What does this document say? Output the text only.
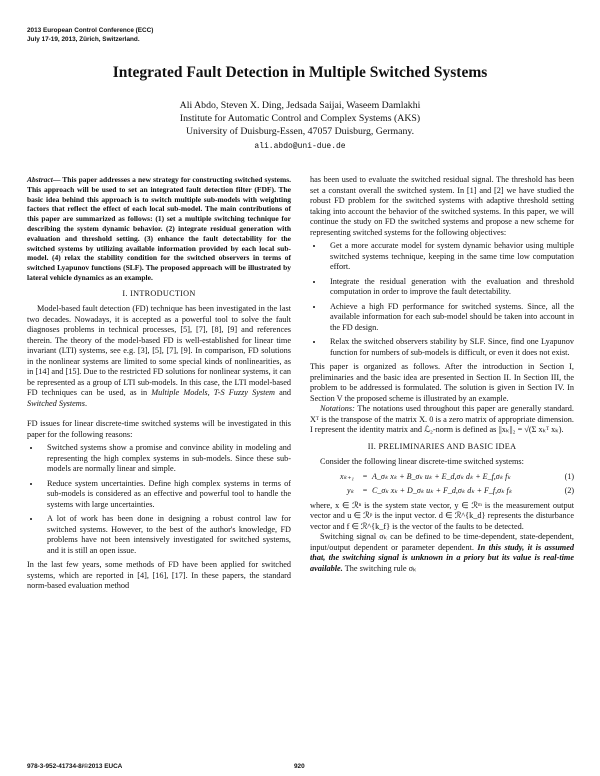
2013 European Control Conference (ECC)
July 17-19, 2013, Zürich, Switzerland.
Integrated Fault Detection in Multiple Switched Systems
Ali Abdo, Steven X. Ding, Jedsada Saijai, Waseem Damlakhi
Institute for Automatic Control and Complex Systems (AKS)
University of Duisburg-Essen, 47057 Duisburg, Germany.
ali.abdo@uni-due.de
Abstract— This paper addresses a new strategy for constructing switched systems. This approach will be used to set an integrated fault detection filter (FDF). The basic idea behind this approach is to switch multiple sub-models with weighting factors that reflect the effect of each local sub-model. The main contributions of this paper are summarized as follows: (1) set a multiple switching technique for describing the system dynamic behavior. (2) integrate residual generation with evaluation and threshold setting. (3) enhance the fault detectability for the switched systems by utilizing available information provided by each local sub-model. (4) relax the stability condition for the switched observers in terms of switched Lyapunov functions (SLF). The proposed approach will be illustrated by lateral vehicle dynamics as an example.
I. INTRODUCTION

Model-based fault detection (FD) technique has been investigated in the last two decades. Nowadays, it is accepted as a powerful tool to solve the fault diagnoses problems in technical processes, [5], [7], [8], [9] and references therein. The theory of the model-based FD is well-established for linear time invariant (LTI) systems, see e.g. [3], [5], [7], [9]. In comparison, FD solutions in the nonlinear systems are limited to some special kinds of nonlinearities, as in [14] and [15]. Due to the restricted FD solutions for nonlinear systems, it can be represented as a group of LTI sub-models. In this case, the LTI model-based FD techniques can be used, as in Multiple Models, T-S Fuzzy System and Switched Systems.

FD issues for linear discrete-time switched systems will be investigated in this paper for the following reasons:

• Switched systems show a promise and convince ability in modeling and representing the high complex systems in sub-models. Since these sub-models are normally linear and simple.
• Reduce system uncertainties. Define high complex systems in terms of sub-models is considered as an effective and powerful tool to handle the systems with large uncertainties.
• A lot of work has been done in designing a robust control law for switched systems. However, to the best of the author's knowledge, FD problems have not been intensively investigated for switched systems, and it is still an open issue.

In the last few years, some methods of FD have been applied for switched systems, which are reported in [4], [16], [17]. In these papers, the standard norm-based evaluation method

has been used to evaluate the switched residual signal. The threshold has been set a constant overall the switched system. In [1] and [2] we have studied the robust FD problem for the switched systems with adaptive threshold setting taking into account the behavior of the switched systems. In this paper, we will continue the study on FD the switched systems and propose a new scheme for representing switched systems for the following objectives:

• Get a more accurate model for system dynamic behavior using multiple switched systems technique, keeping in the same time low computation effort.
• Integrate the residual generation with the evaluation and threshold computation in order to improve the fault detectability.
• Achieve a high FD performance for switched systems. Since, all the available information for each sub-model should be taken into account in the FD design.
• Relax the switched observers stability by SLF. Since, find one Lyapunov function for numbers of sub-models is difficult, or even it does not exist.

This paper is organized as follows. After the introduction in Section I, preliminaries and the basic idea are presented in Section II. In Section III, the problem to be addressed is formulated. The solution is given in Section IV. In Section V the proposed scheme is illustrated by an example.

Notations: The notations used throughout this paper are generally standard. Xᵀ is the transpose of the matrix X. 0 is a zero matrix of appropriate dimension. I represent the identity matrix and ℒ₂-norm is defined as ||xₖ||₂ = √(Σ xₖᵀ xₖ).

II. PRELIMINARIES AND BASIC IDEA

Consider the following linear discrete-time switched systems:

xₖ₊₁	= A_σₖ xₖ + B_σₖ uₖ + E_d,σₖ dₖ + E_f,σₖ fₖ	(1)
yₖ	= C_σₖ xₖ + D_σₖ uₖ + F_d,σₖ dₖ + F_f,σₖ fₖ	(2)

where, x ∈ ℛⁿ is the system state vector, y ∈ ℛᵐ is the measurement output vector and u ∈ ℛᵖ is the input vector. d ∈ ℛ^{k_d} represents the disturbance vector and f ∈ ℛ^{k_f} is the vector of the faults to be detected.

Switching signal σₖ can be defined to be time-dependent, state-dependent, input/output dependent or parameter dependent. In this study, it is assumed that, the switching signal is unknown in a priory but its value is real-time available. The switching rule σₖ

978-3-952-41734-8/©2013 EUCA	920
